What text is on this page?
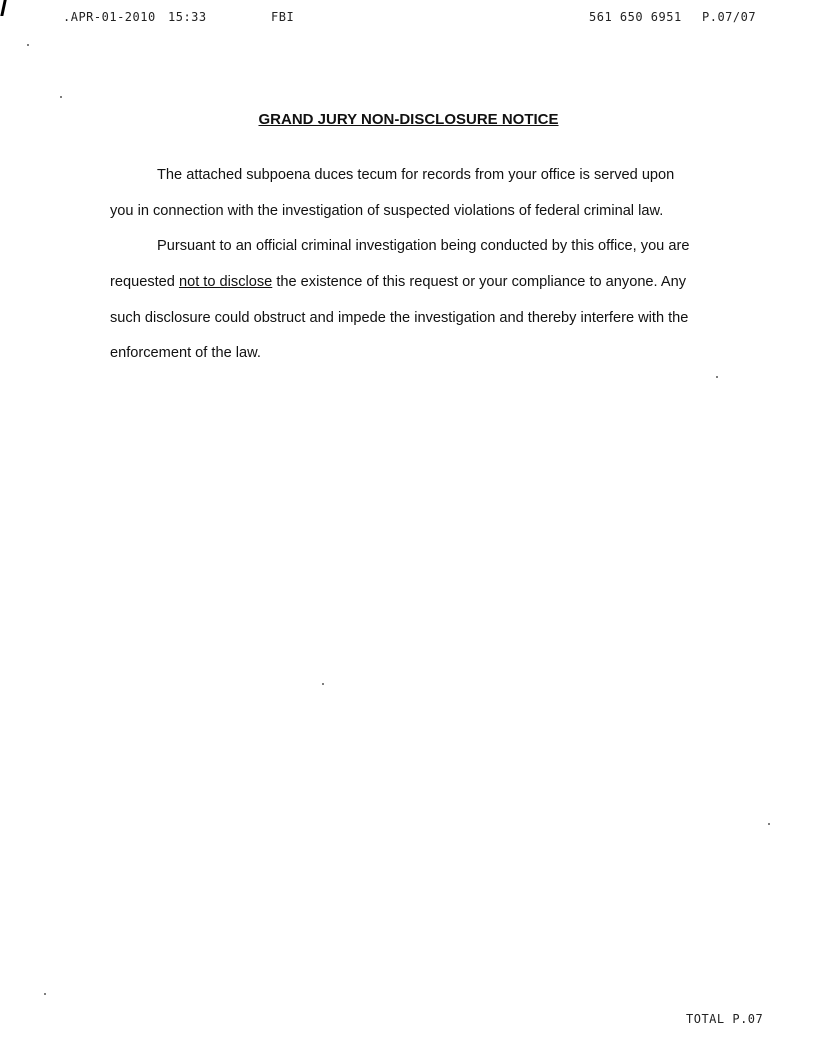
.APR-01-2010 15:33	FBI	561 650 6951 P.07/07
GRAND JURY NON-DISCLOSURE NOTICE

The attached subpoena duces tecum for records from your office is served upon

you in connection with the investigation of suspected violations of federal criminal law.

Pursuant to an official criminal investigation being conducted by this office, you are

requested not to disclose the existence of this request or your compliance to anyone. Any

such disclosure could obstruct and impede the investigation and thereby interfere with the

enforcement of the law.

TOTAL P.07
